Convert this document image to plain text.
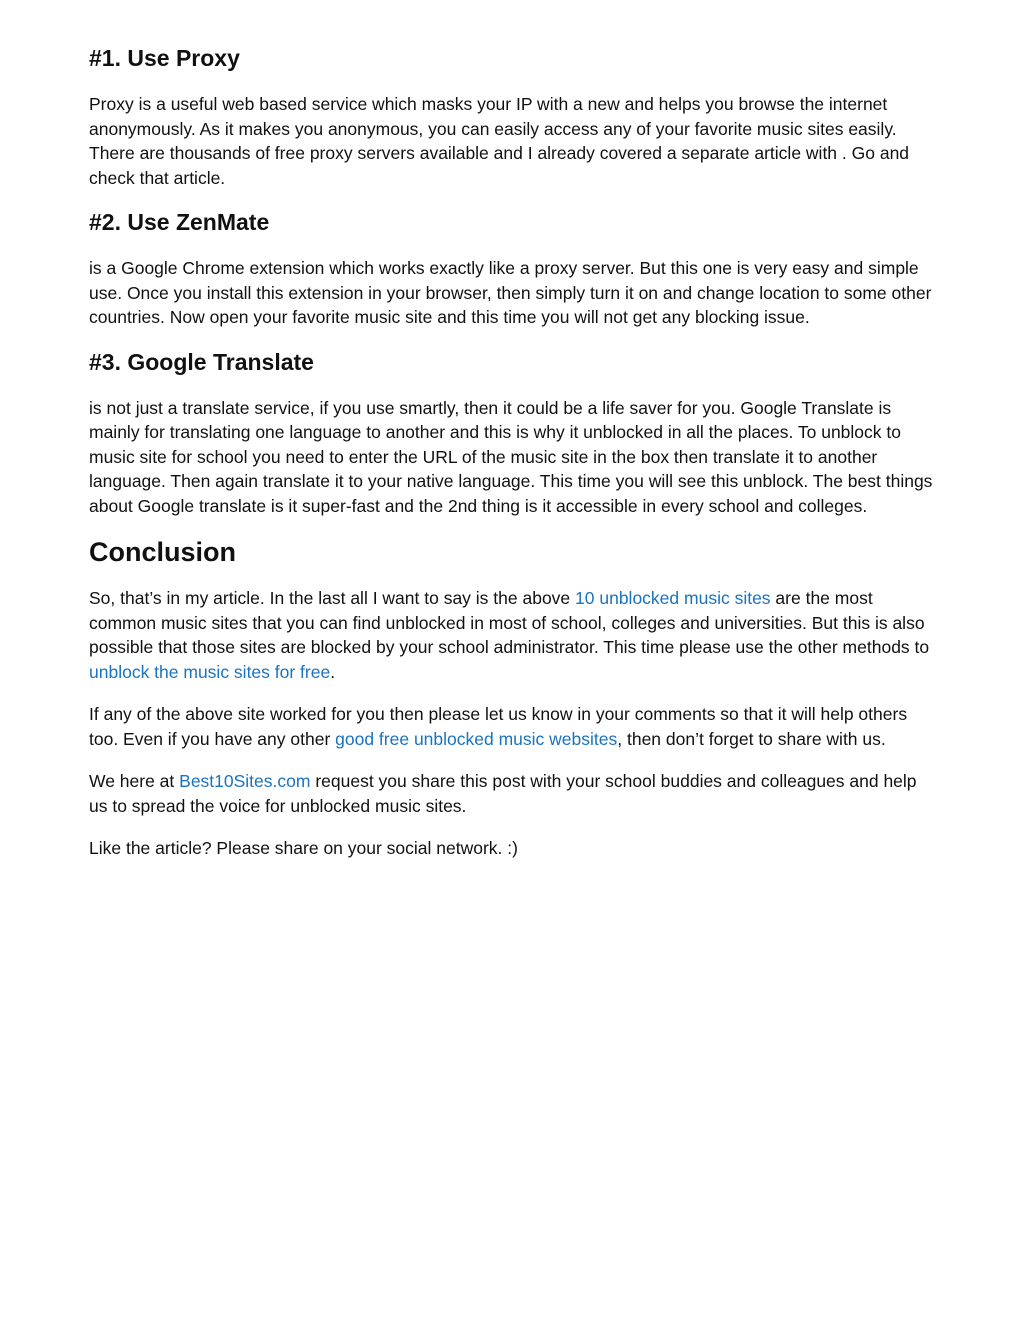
#1. Use Proxy

Proxy is a useful web based service which masks your IP with a new and helps you browse the internet anonymously. As it makes you anonymous, you can easily access any of your favorite music sites easily. There are thousands of free proxy servers available and I already covered a separate article with . Go and check that article.

#2. Use ZenMate

is a Google Chrome extension which works exactly like a proxy server. But this one is very easy and simple use. Once you install this extension in your browser, then simply turn it on and change location to some other countries. Now open your favorite music site and this time you will not get any blocking issue.

#3. Google Translate

is not just a translate service, if you use smartly, then it could be a life saver for you. Google Translate is mainly for translating one language to another and this is why it unblocked in all the places. To unblock to music site for school you need to enter the URL of the music site in the box then translate it to another language. Then again translate it to your native language. This time you will see this unblock. The best things about Google translate is it super-fast and the 2nd thing is it accessible in every school and colleges.

Conclusion

So, that’s in my article. In the last all I want to say is the above 10 unblocked music sites are the most common music sites that you can find unblocked in most of school, colleges and universities. But this is also possible that those sites are blocked by your school administrator. This time please use the other methods to unblock the music sites for free.

If any of the above site worked for you then please let us know in your comments so that it will help others too. Even if you have any other good free unblocked music websites, then don’t forget to share with us.

We here at Best10Sites.com request you share this post with your school buddies and colleagues and help us to spread the voice for unblocked music sites.

Like the article? Please share on your social network. :)
